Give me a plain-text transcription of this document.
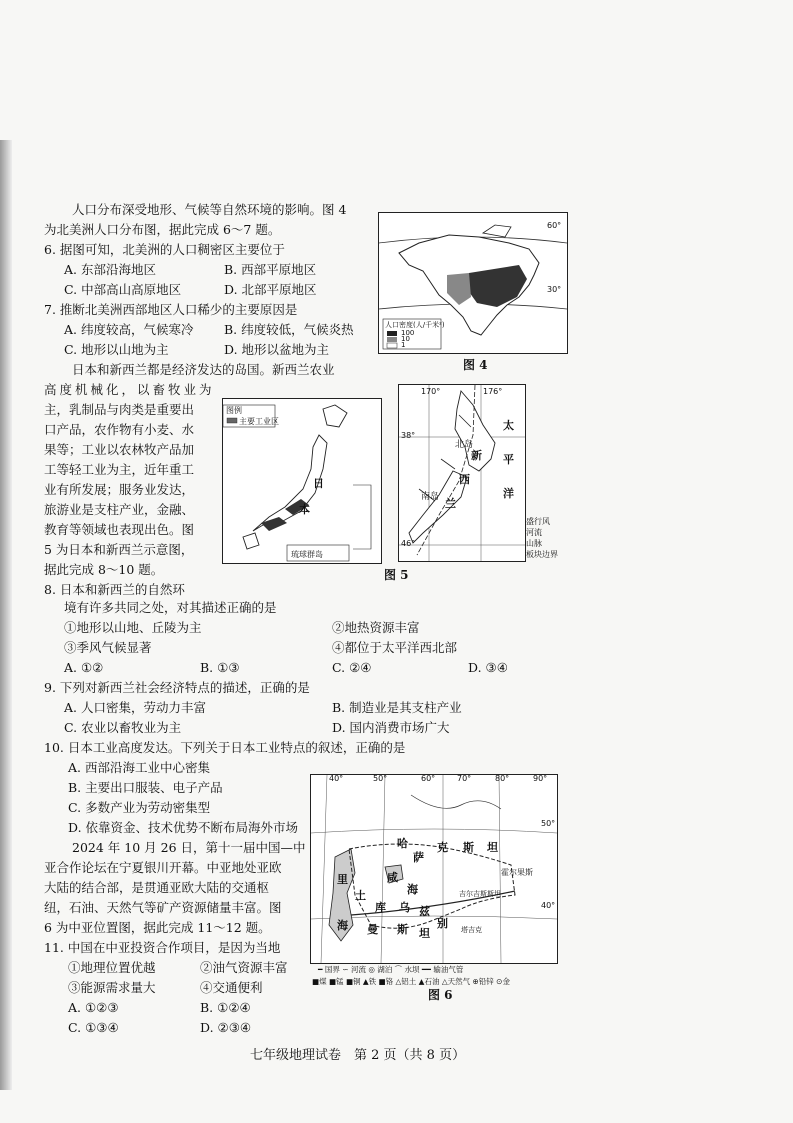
人口分布深受地形、气候等自然环境的影响。图 4
为北美洲人口分布图，据此完成 6～7 题。
6. 据图可知，北美洲的人口稠密区主要位于
A. 东部沿海地区	B. 西部平原地区
C. 中部高山高原地区	D. 北部平原地区
7. 推断北美洲西部地区人口稀少的主要原因是
A. 纬度较高，气候寒冷 B. 纬度较低，气候炎热
C. 地形以山地为主	D. 地形以盆地为主
日本和新西兰都是经济发达的岛国。新西兰农业
高度机械化，以畜牧业为
主，乳制品与肉类是重要出
口产品，农作物有小麦、水
果等；工业以农林牧产品加
工等轻工业为主，近年重工
业有所发展；服务业发达，
旅游业是支柱产业，金融、
教育等领域也表现出色。图
5 为日本和新西兰示意图，
据此完成 8～10 题。
8. 日本和新西兰的自然环
境有许多共同之处，对其描述正确的是
①地形以山地、丘陵为主	②地热资源丰富
③季风气候显著	④都位于太平洋西北部
A. ①②	B. ①③	C. ②④	D. ③④
9. 下列对新西兰社会经济特点的描述，正确的是
A. 人口密集，劳动力丰富	B. 制造业是其支柱产业
C. 农业以畜牧业为主	D. 国内消费市场广大
10. 日本工业高度发达。下列关于日本工业特点的叙述，正确的是
A. 西部沿海工业中心密集
B. 主要出口服装、电子产品
C. 多数产业为劳动密集型
D. 依靠资金、技术优势不断布局海外市场
2024 年 10 月 26 日，第十一届中国—中
亚合作论坛在宁夏银川开幕。中亚地处亚欧
大陆的结合部，是贯通亚欧大陆的交通枢
纽，石油、天然气等矿产资源储量丰富。图
6 为中亚位置图，据此完成 11～12 题。
11. 中国在中亚投资合作项目，是因为当地
①地理位置优越	②油气资源丰富
③能源需求量大	④交通便利
A. ①②③	B. ①②④
C. ①③④	D. ②③④
七年级地理试卷　第 2 页（共 8 页）
60°
30°
人口密度(人/千米²)
100
10
1
图 4
图例
主要工业区
日
本
琉球群岛
170°	176°
38°
46°
北岛
南岛
新
西
兰
太
平
洋
盛行风
河流
山脉
板块边界
图 5
40°	50°	60°	70°	80°	90°
50°
40°
哈
萨
克 斯 坦
里
海
咸
海
土
库
曼 斯 坦
乌 兹
别
吉尔吉斯斯坦
塔吉克
霍尔果斯
━ 国界 ∽ 河流 ◎ 湖泊 ⌒ 水坝 ━━ 输油气管
■煤 ■锰 ■铜 ▲铁 ■铬 △铝土 ▲石油 △天然气 ⊕铅锌 ⊙金
图 6
